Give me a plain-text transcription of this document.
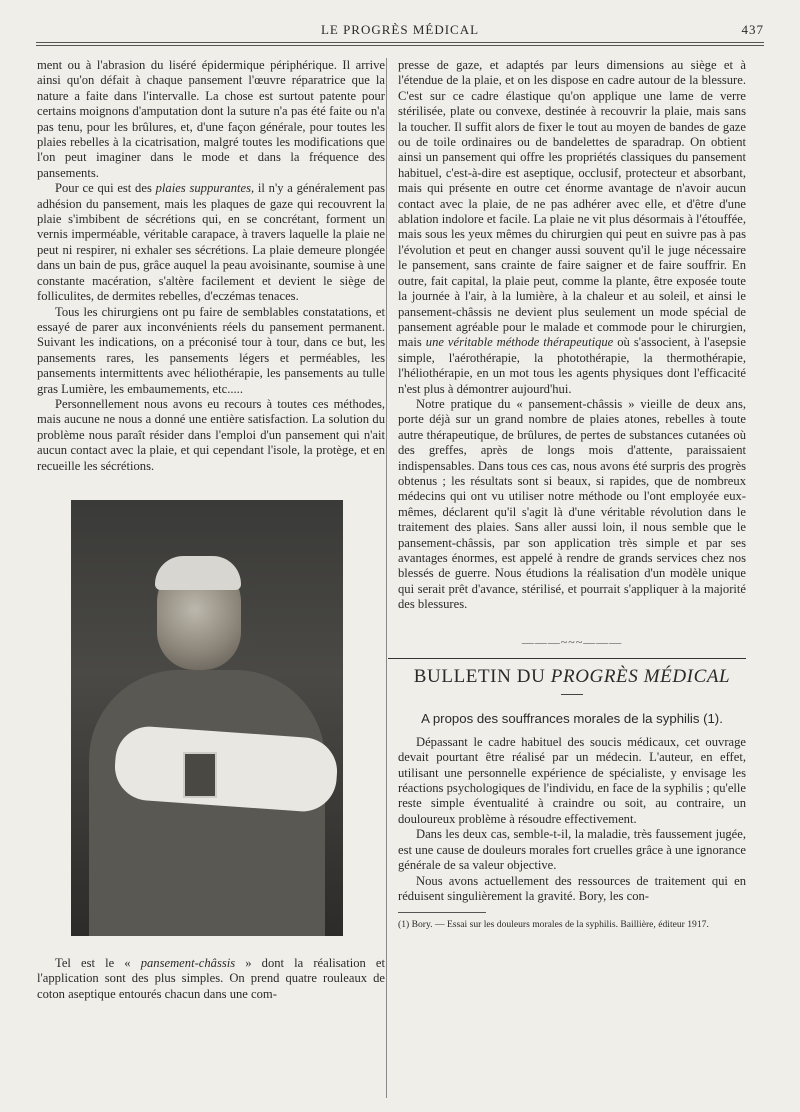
LE PROGRÈS MÉDICAL	437

ment ou à l'abrasion du liséré épidermique périphérique. Il arrive ainsi qu'on défait à chaque pansement l'œuvre réparatrice que la nature a faite dans l'intervalle. La chose est surtout patente pour certains moignons d'amputation dont la suture n'a pas été faite ou n'a pas tenu, pour les brûlures, et, d'une façon générale, pour toutes les plaies rebelles à la cicatrisation, malgré toutes les modifications que l'on peut imaginer dans le mode et dans la fréquence des pansements.

Pour ce qui est des plaies suppurantes, il n'y a généralement pas adhésion du pansement, mais les plaques de gaze qui recouvrent la plaie s'imbibent de sécrétions qui, en se concrétant, forment un vernis imperméable, véritable carapace, à travers laquelle la plaie ne peut ni respirer, ni exhaler ses sécrétions. La plaie demeure plongée dans un bain de pus, grâce auquel la peau avoisinante, soumise à une constante macération, s'altère facilement et devient le siège de folliculites, de dermites rebelles, d'eczémas tenaces.

Tous les chirurgiens ont pu faire de semblables constatations, et essayé de parer aux inconvénients réels du pansement permanent. Suivant les indications, on a préconisé tour à tour, dans ce but, les pansements rares, les pansements légers et perméables, les pansements intermittents avec héliothérapie, les pansements au tulle gras Lumière, les embaumements, etc.....

Personnellement nous avons eu recours à toutes ces méthodes, mais aucune ne nous a donné une entière satisfaction. La solution du problème nous paraît résider dans l'emploi d'un pansement qui n'ait aucun contact avec la plaie, et qui cependant l'isole, la protège, et en recueille les sécrétions.

Tel est le « pansement-châssis » dont la réalisation et l'application sont des plus simples. On prend quatre rouleaux de coton aseptique entourés chacun dans une com-

presse de gaze, et adaptés par leurs dimensions au siège et à l'étendue de la plaie, et on les dispose en cadre autour de la blessure. C'est sur ce cadre élastique qu'on applique une lame de verre stérilisée, plate ou convexe, destinée à recouvrir la plaie, mais sans la toucher. Il suffit alors de fixer le tout au moyen de bandes de gaze ou de toile ordinaires ou de bandelettes de sparadrap. On obtient ainsi un pansement qui offre les propriétés classiques du pansement habituel, c'est-à-dire est aseptique, occlusif, protecteur et absorbant, mais qui présente en outre cet énorme avantage de n'avoir aucun contact avec la plaie, de ne pas adhérer avec elle, et d'être d'une ablation indolore et facile. La plaie ne vit plus désormais à l'étouffée, mais sous les yeux mêmes du chirurgien qui peut en suivre pas à pas l'évolution et peut en changer aussi souvent qu'il le juge nécessaire le pansement, sans crainte de faire saigner et de faire souffrir. En outre, fait capital, la plaie peut, comme la plante, être exposée toute la journée à l'air, à la lumière, à la chaleur et au soleil, et ainsi le pansement-châssis ne devient plus seulement un mode spécial de pansement agréable pour le malade et commode pour le chirurgien, mais une véritable méthode thérapeutique où s'associent, à l'asepsie simple, l'aérothérapie, la photothérapie, la thermothérapie, l'héliothérapie, en un mot tous les agents physiques dont l'efficacité n'est plus à démontrer aujourd'hui.

Notre pratique du « pansement-châssis » vieille de deux ans, porte déjà sur un grand nombre de plaies atones, rebelles à toute autre thérapeutique, de brûlures, de pertes de substances cutanées où des greffes, après de longs mois d'attente, paraissaient indispensables. Dans tous ces cas, nous avons été surpris des progrès obtenus ; les résultats sont si beaux, si rapides, que de nombreux médecins qui ont vu utiliser notre méthode ou l'ont employée eux-mêmes, déclarent qu'il s'agit là d'une véritable révolution dans le traitement des plaies. Sans aller aussi loin, il nous semble que le pansement-châssis, par son application très simple et par ses avantages énormes, est appelé à rendre de grands services chez nos blessés de guerre. Nous étudions la réalisation d'un modèle unique qui serait prêt d'avance, stérilisé, et pourrait s'appliquer à la majorité des blessures.

———~~~———
BULLETIN DU PROGRÈS MÉDICAL
A propos des souffrances morales de la syphilis (1).

Dépassant le cadre habituel des soucis médicaux, cet ouvrage devait pourtant être réalisé par un médecin. L'auteur, en effet, utilisant une personnelle expérience de spécialiste, y envisage les réactions psychologiques de l'individu, en face de la syphilis ; qu'elle reste simple éventualité à craindre ou soit, au contraire, un douloureux problème à résoudre effectivement.

Dans les deux cas, semble-t-il, la maladie, très faussement jugée, est une cause de douleurs morales fort cruelles grâce à une ignorance générale de sa valeur objective.

Nous avons actuellement des ressources de traitement qui en réduisent singulièrement la gravité. Bory, les con-

(1) Bory. — Essai sur les douleurs morales de la syphilis. Baillière, éditeur 1917.
